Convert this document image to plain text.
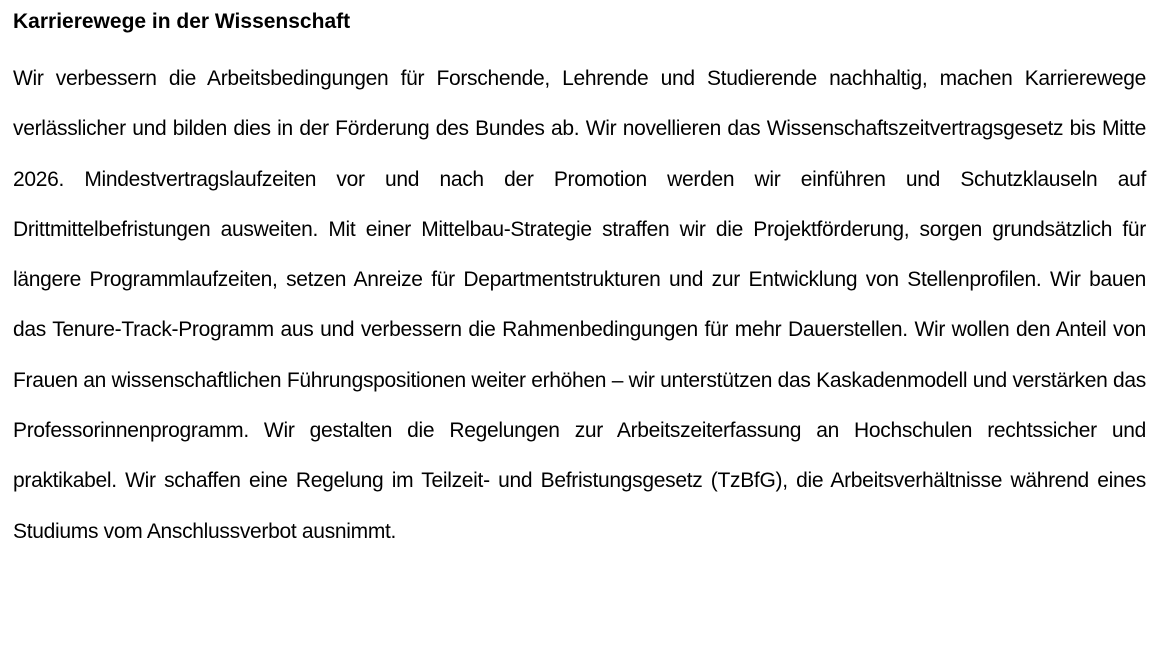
Karrierewege in der Wissenschaft

Wir verbessern die Arbeitsbedingungen für Forschende, Lehrende und Studierende nachhaltig, machen Karrierewege verlässlicher und bilden dies in der Förderung des Bundes ab. Wir novellieren das Wissenschaftszeitvertragsgesetz bis Mitte 2026. Mindestvertragslaufzeiten vor und nach der Promotion werden wir einführen und Schutzklauseln auf Drittmittelbefristungen ausweiten. Mit einer Mittelbau-Strategie straffen wir die Projektförderung, sorgen grundsätzlich für längere Programmlaufzeiten, setzen Anreize für Departmentstrukturen und zur Entwicklung von Stellenprofilen. Wir bauen das Tenure-Track-Programm aus und verbessern die Rahmenbedingungen für mehr Dauerstellen. Wir wollen den Anteil von Frauen an wissenschaftlichen Führungspositionen weiter erhöhen – wir unterstützen das Kaskadenmodell und verstärken das Professorinnenprogramm. Wir gestalten die Regelungen zur Arbeitszeiterfassung an Hochschulen rechtssicher und praktikabel. Wir schaffen eine Regelung im Teilzeit- und Befristungsgesetz (TzBfG), die Arbeitsverhältnisse während eines Studiums vom Anschlussverbot ausnimmt.
